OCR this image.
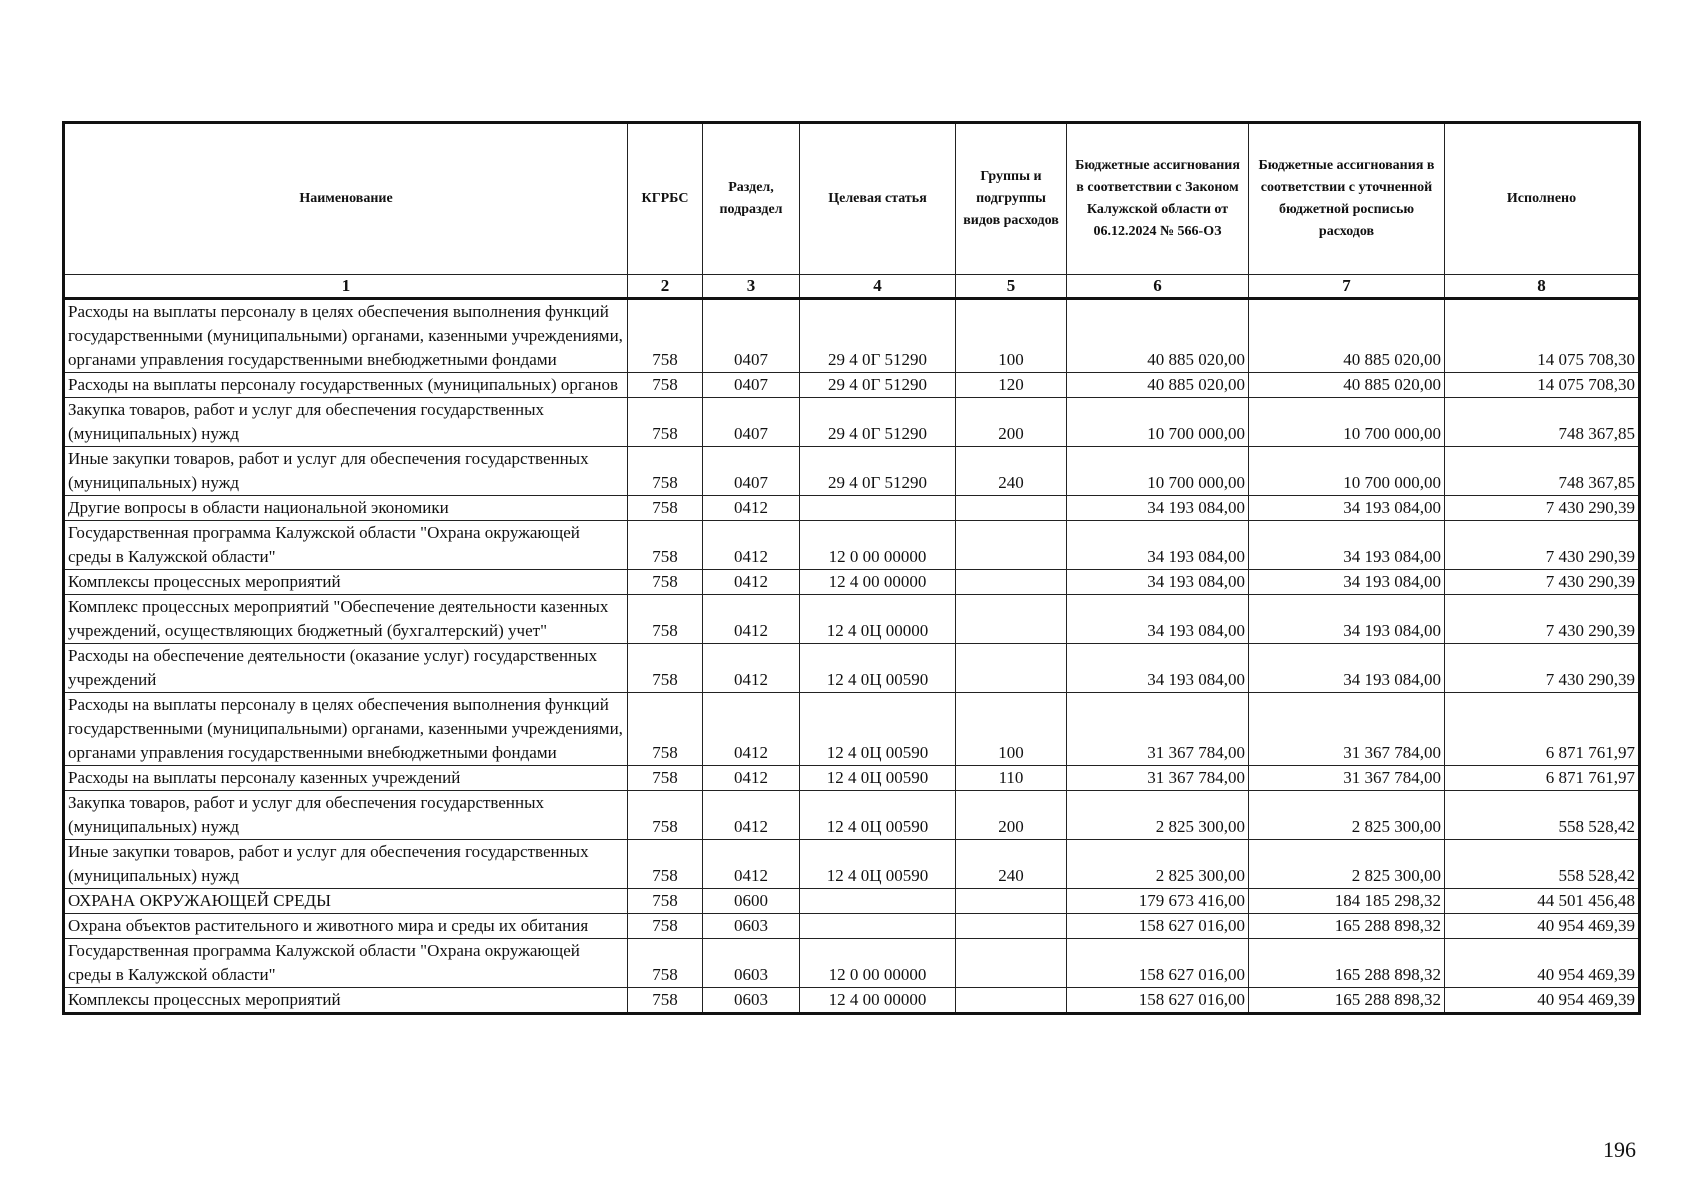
Наименование	КГРБС	Раздел, подраздел	Целевая статья	Группы и подгруппы видов расходов	Бюджетные ассигнования в соответствии с Законом Калужской области от 06.12.2024 № 566-ОЗ	Бюджетные ассигнования в соответствии с уточненной бюджетной росписью расходов	Исполнено
1	2	3	4	5	6	7	8
Расходы на выплаты персоналу в целях обеспечения выполнения функций государственными (муниципальными) органами, казенными учреждениями, органами управления государственными внебюджетными фондами	758	0407	29 4 0Г 51290	100	40 885 020,00	40 885 020,00	14 075 708,30
Расходы на выплаты персоналу государственных (муниципальных) органов	758	0407	29 4 0Г 51290	120	40 885 020,00	40 885 020,00	14 075 708,30
Закупка товаров, работ и услуг для обеспечения государственных (муниципальных) нужд	758	0407	29 4 0Г 51290	200	10 700 000,00	10 700 000,00	748 367,85
Иные закупки товаров, работ и услуг для обеспечения государственных (муниципальных) нужд	758	0407	29 4 0Г 51290	240	10 700 000,00	10 700 000,00	748 367,85
Другие вопросы в области национальной экономики	758	0412			34 193 084,00	34 193 084,00	7 430 290,39
Государственная программа Калужской области "Охрана окружающей среды в Калужской области"	758	0412	12 0 00 00000		34 193 084,00	34 193 084,00	7 430 290,39
Комплексы процессных мероприятий	758	0412	12 4 00 00000		34 193 084,00	34 193 084,00	7 430 290,39
Комплекс процессных мероприятий "Обеспечение деятельности казенных учреждений, осуществляющих бюджетный (бухгалтерский) учет"	758	0412	12 4 0Ц 00000		34 193 084,00	34 193 084,00	7 430 290,39
Расходы на обеспечение деятельности (оказание услуг) государственных учреждений	758	0412	12 4 0Ц 00590		34 193 084,00	34 193 084,00	7 430 290,39
Расходы на выплаты персоналу в целях обеспечения выполнения функций государственными (муниципальными) органами, казенными учреждениями, органами управления государственными внебюджетными фондами	758	0412	12 4 0Ц 00590	100	31 367 784,00	31 367 784,00	6 871 761,97
Расходы на выплаты персоналу казенных учреждений	758	0412	12 4 0Ц 00590	110	31 367 784,00	31 367 784,00	6 871 761,97
Закупка товаров, работ и услуг для обеспечения государственных (муниципальных) нужд	758	0412	12 4 0Ц 00590	200	2 825 300,00	2 825 300,00	558 528,42
Иные закупки товаров, работ и услуг для обеспечения государственных (муниципальных) нужд	758	0412	12 4 0Ц 00590	240	2 825 300,00	2 825 300,00	558 528,42
ОХРАНА ОКРУЖАЮЩЕЙ СРЕДЫ	758	0600			179 673 416,00	184 185 298,32	44 501 456,48
Охрана объектов растительного и животного мира и среды их обитания	758	0603			158 627 016,00	165 288 898,32	40 954 469,39
Государственная программа Калужской области "Охрана окружающей среды в Калужской области"	758	0603	12 0 00 00000		158 627 016,00	165 288 898,32	40 954 469,39
Комплексы процессных мероприятий	758	0603	12 4 00 00000		158 627 016,00	165 288 898,32	40 954 469,39
196
